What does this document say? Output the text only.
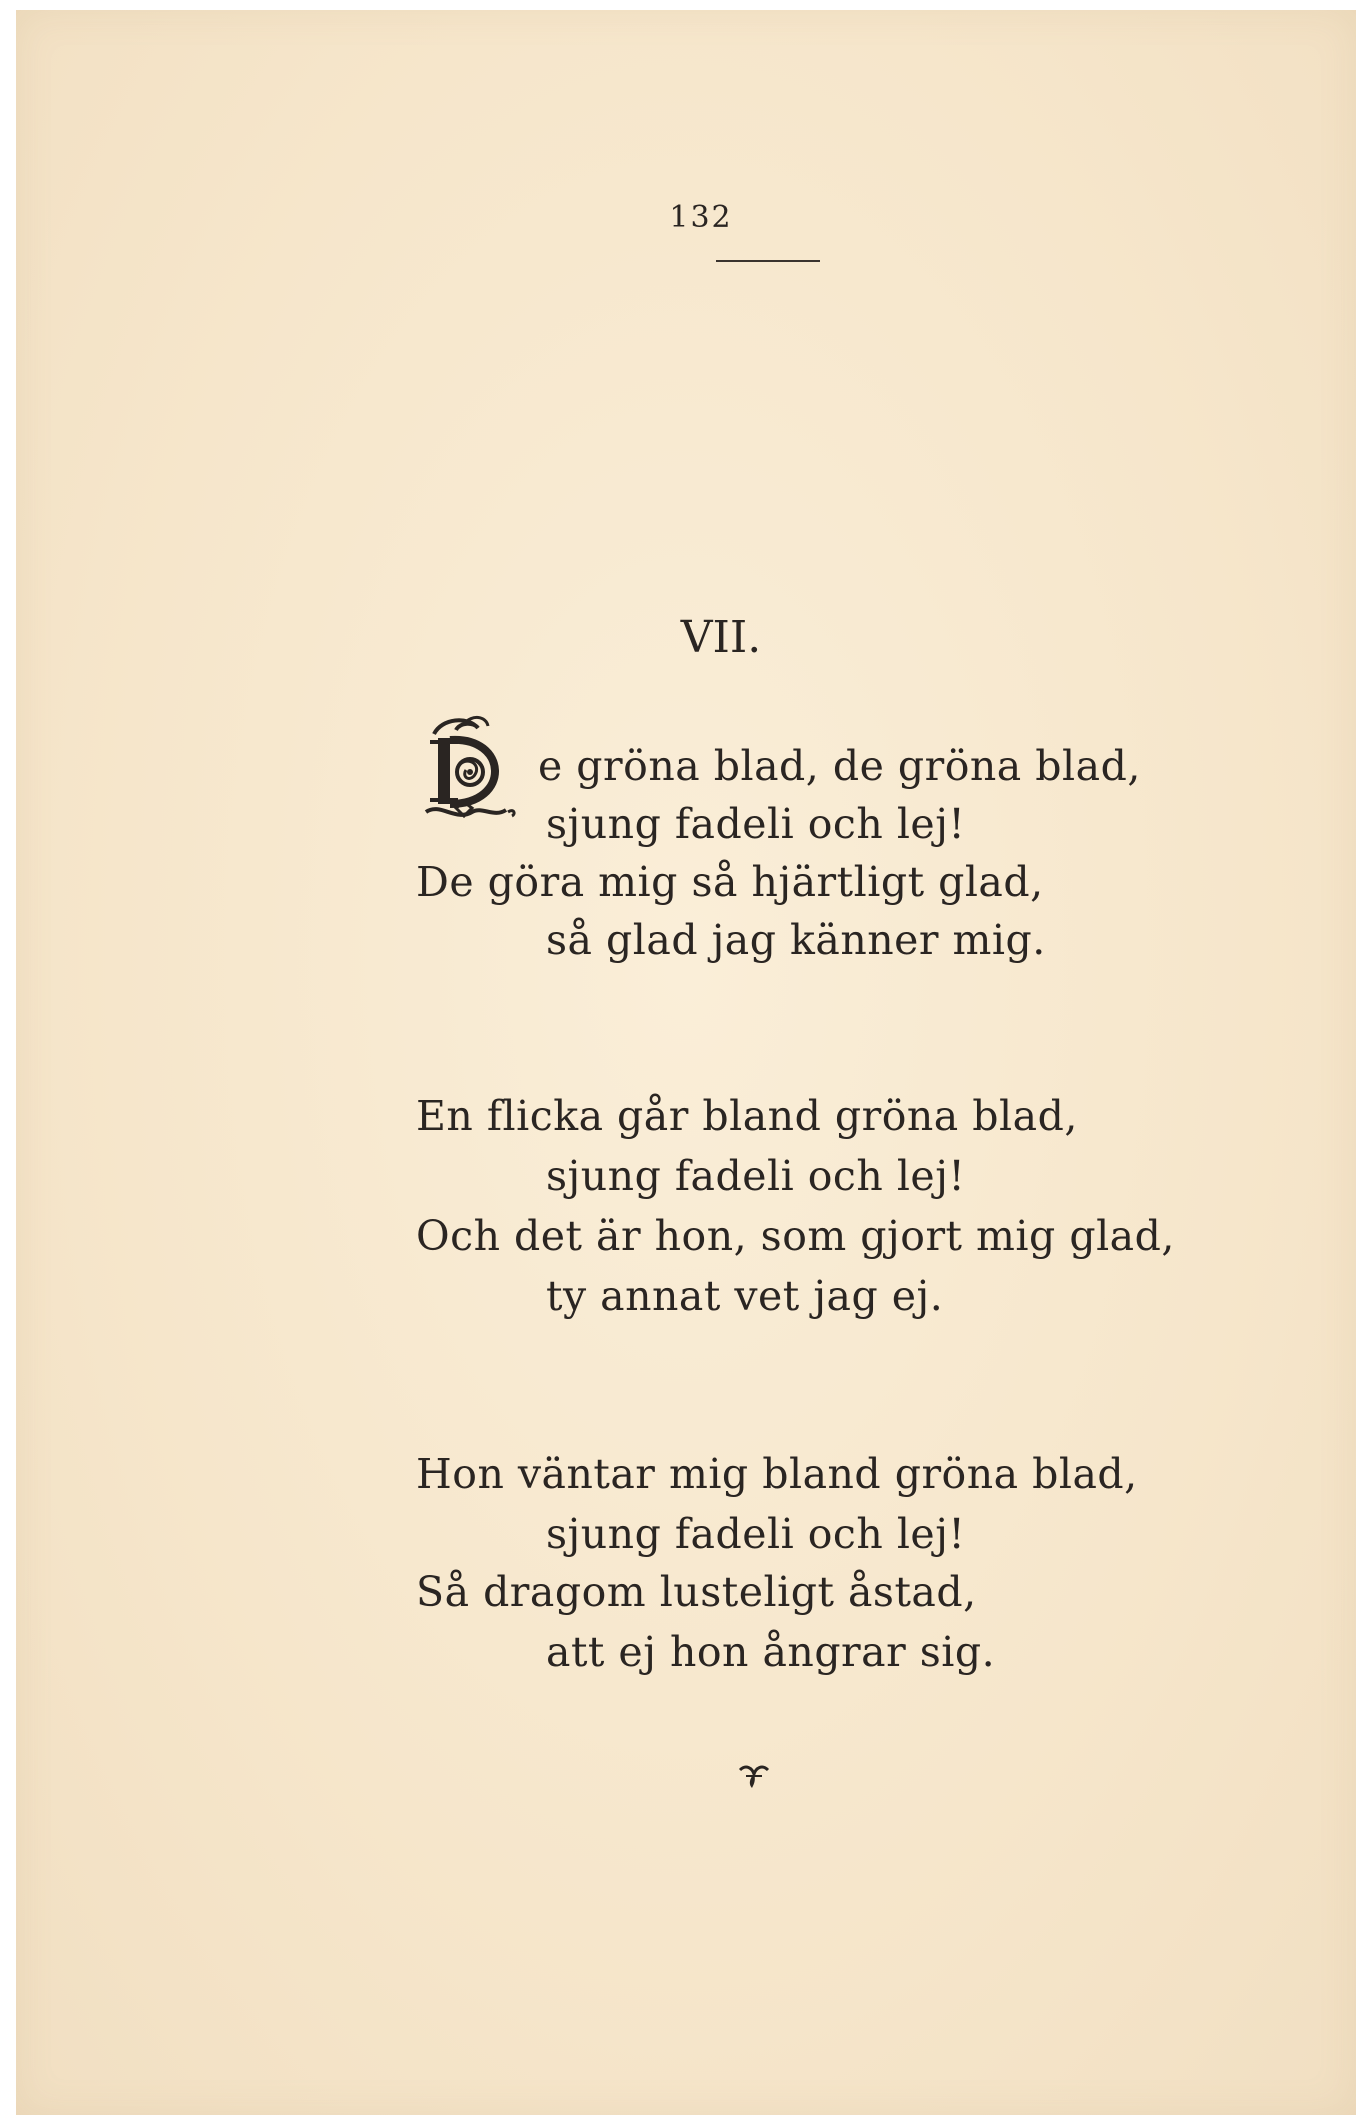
132
VII.
e gröna blad, de gröna blad,
sjung fadeli och lej!
De göra mig så hjärtligt glad,
så glad jag känner mig.
En flicka går bland gröna blad,
sjung fadeli och lej!
Och det är hon, som gjort mig glad,
ty annat vet jag ej.
Hon väntar mig bland gröna blad,
sjung fadeli och lej!
Så dragom lusteligt åstad,
att ej hon ångrar sig.
